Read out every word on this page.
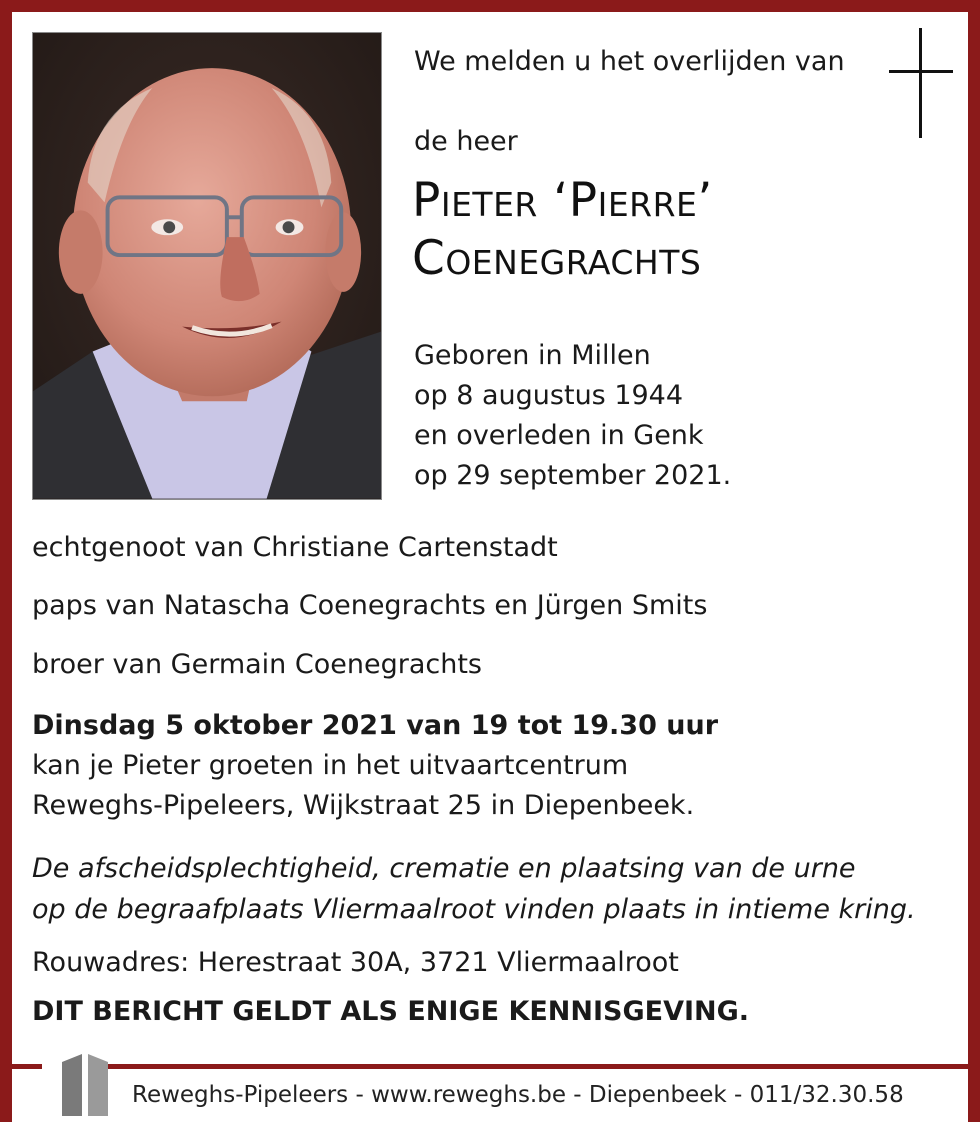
We melden u het overlijden van
de heer
Pieter ‘Pierre’
Coenegrachts
Geboren in Millen
op 8 augustus 1944
en overleden in Genk
op 29 september 2021.
echtgenoot van Christiane Cartenstadt
paps van Natascha Coenegrachts en Jürgen Smits
broer van Germain Coenegrachts
Dinsdag 5 oktober 2021 van 19 tot 19.30 uur
kan je Pieter groeten in het uitvaartcentrum
Reweghs-Pipeleers, Wijkstraat 25 in Diepenbeek.
De afscheidsplechtigheid, crematie en plaatsing van de urne
op de begraafplaats Vliermaalroot vinden plaats in intieme kring.
Rouwadres: Herestraat 30A, 3721 Vliermaalroot
DIT BERICHT GELDT ALS ENIGE KENNISGEVING.
Reweghs-Pipeleers - www.reweghs.be - Diepenbeek - 011/32.30.58
